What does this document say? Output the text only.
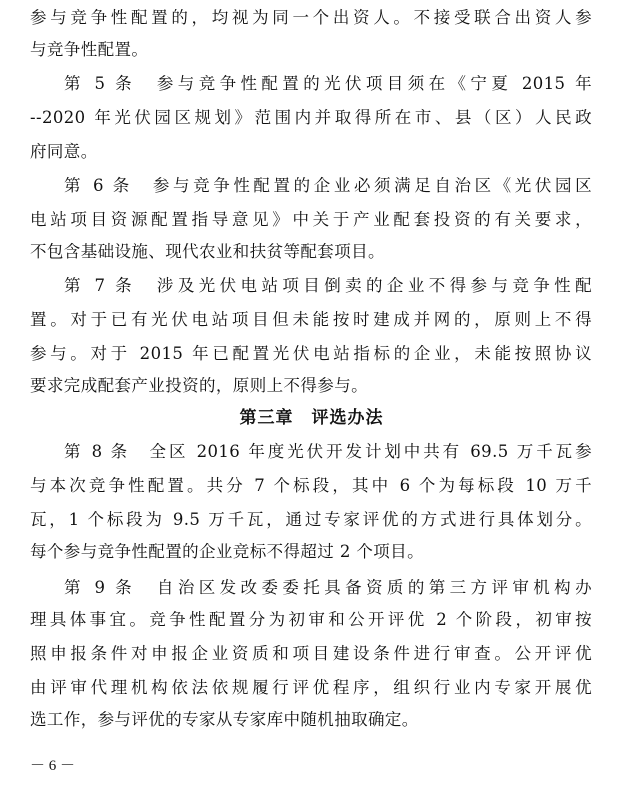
参与竞争性配置的，均视为同一个出资人。不接受联合出资人参
与竞争性配置。
第 5 条　参与竞争性配置的光伏项目须在《宁夏 2015 年
--2020 年光伏园区规划》范围内并取得所在市、县（区）人民政
府同意。
第 6 条　参与竞争性配置的企业必须满足自治区《光伏园区
电站项目资源配置指导意见》中关于产业配套投资的有关要求，
不包含基础设施、现代农业和扶贫等配套项目。
第 7 条　涉及光伏电站项目倒卖的企业不得参与竞争性配
置。对于已有光伏电站项目但未能按时建成并网的，原则上不得
参与。对于 2015 年已配置光伏电站指标的企业，未能按照协议
要求完成配套产业投资的，原则上不得参与。
第三章　评选办法
第 8 条　全区 2016 年度光伏开发计划中共有 69.5 万千瓦参
与本次竞争性配置。共分 7 个标段，其中 6 个为每标段 10 万千
瓦，1 个标段为 9.5 万千瓦，通过专家评优的方式进行具体划分。
每个参与竞争性配置的企业竞标不得超过 2 个项目。
第 9 条　自治区发改委委托具备资质的第三方评审机构办
理具体事宜。竞争性配置分为初审和公开评优 2 个阶段，初审按
照申报条件对申报企业资质和项目建设条件进行审查。公开评优
由评审代理机构依法依规履行评优程序，组织行业内专家开展优
选工作，参与评优的专家从专家库中随机抽取确定。
－ 6 －
